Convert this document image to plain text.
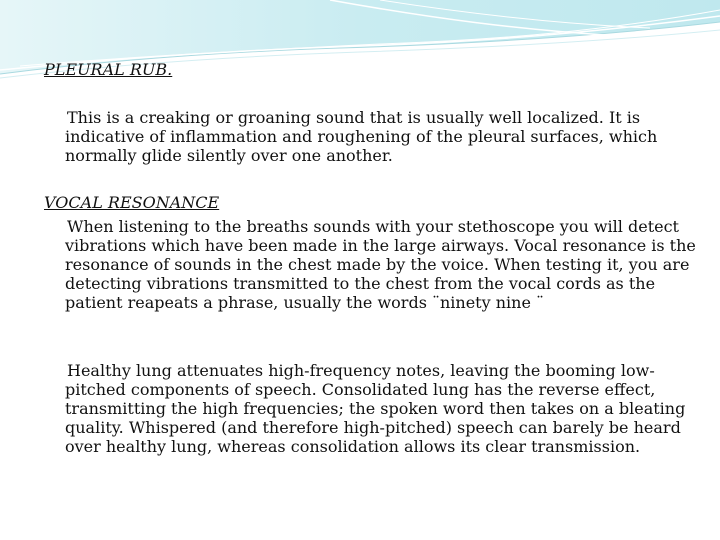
PLEURAL RUB.

This is a creaking or groaning sound that is usually well localized. It is indicative of inflammation and roughening of the pleural surfaces, which normally glide silently over one another.

VOCAL RESONANCE

When listening to the breaths sounds with your stethoscope you will detect vibrations which have been made in the large airways. Vocal resonance is the resonance of sounds in the chest made by the voice. When testing it, you are detecting vibrations transmitted to the chest from the vocal cords as the patient reapeats a phrase, usually the words ¨ninety nine ¨

Healthy lung attenuates high-frequency notes, leaving the booming low-pitched components of speech. Consolidated lung has the reverse effect, transmitting the high frequencies; the spoken word then takes on a bleating quality. Whispered (and therefore high-pitched) speech can barely be heard over healthy lung, whereas consolidation allows its clear transmission.
